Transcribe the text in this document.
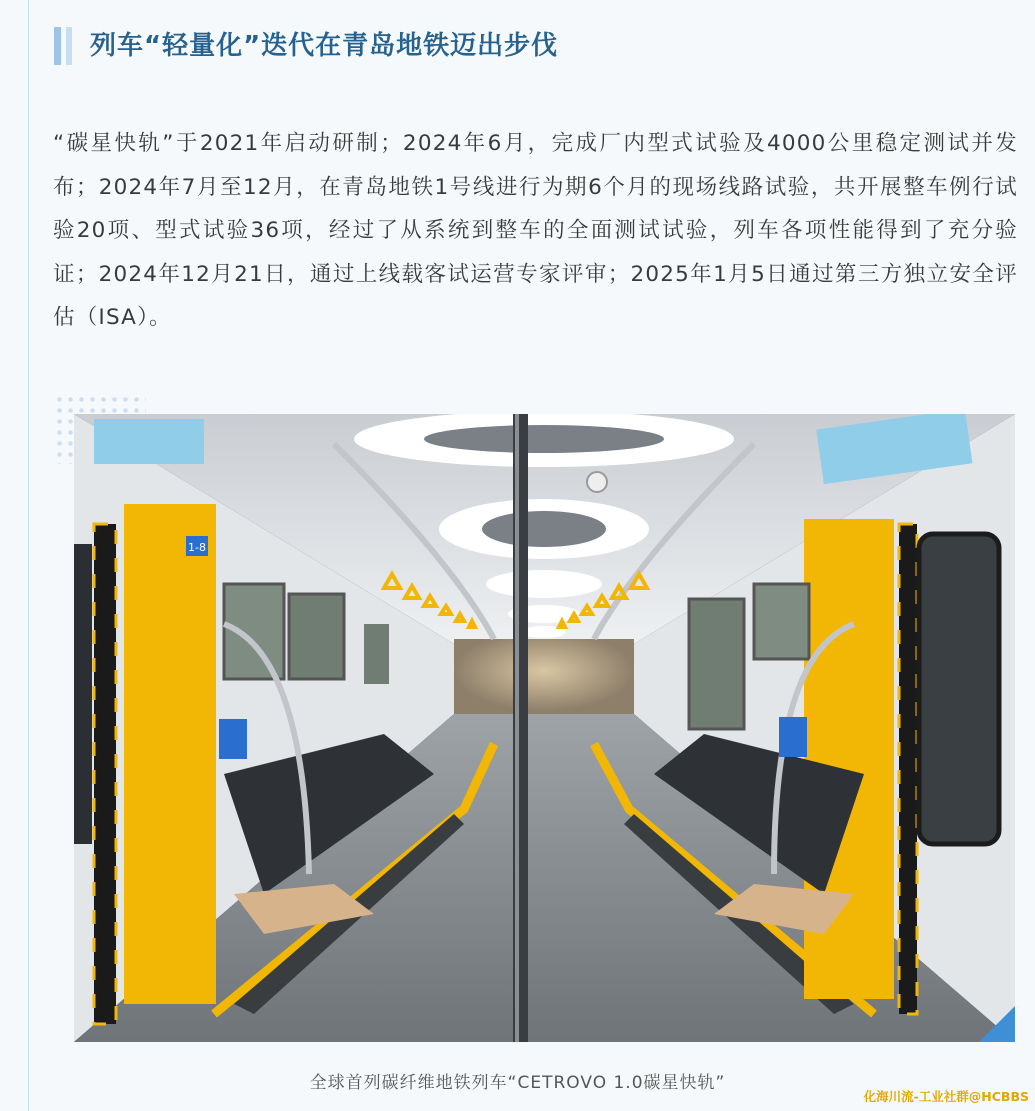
列车“轻量化”迭代在青岛地铁迈出步伐

“碳星快轨”于2021年启动研制；2024年6月，完成厂内型式试验及4000公里稳定测试并发布；2024年7月至12月，在青岛地铁1号线进行为期6个月的现场线路试验，共开展整车例行试验20项、型式试验36项，经过了从系统到整车的全面测试试验，列车各项性能得到了充分验证；2024年12月21日，通过上线载客试运营专家评审；2025年1月5日通过第三方独立安全评估（ISA）。

1-8

全球首列碳纤维地铁列车“CETROVO 1.0碳星快轨”

化海川流-工业社群@HCBBS
